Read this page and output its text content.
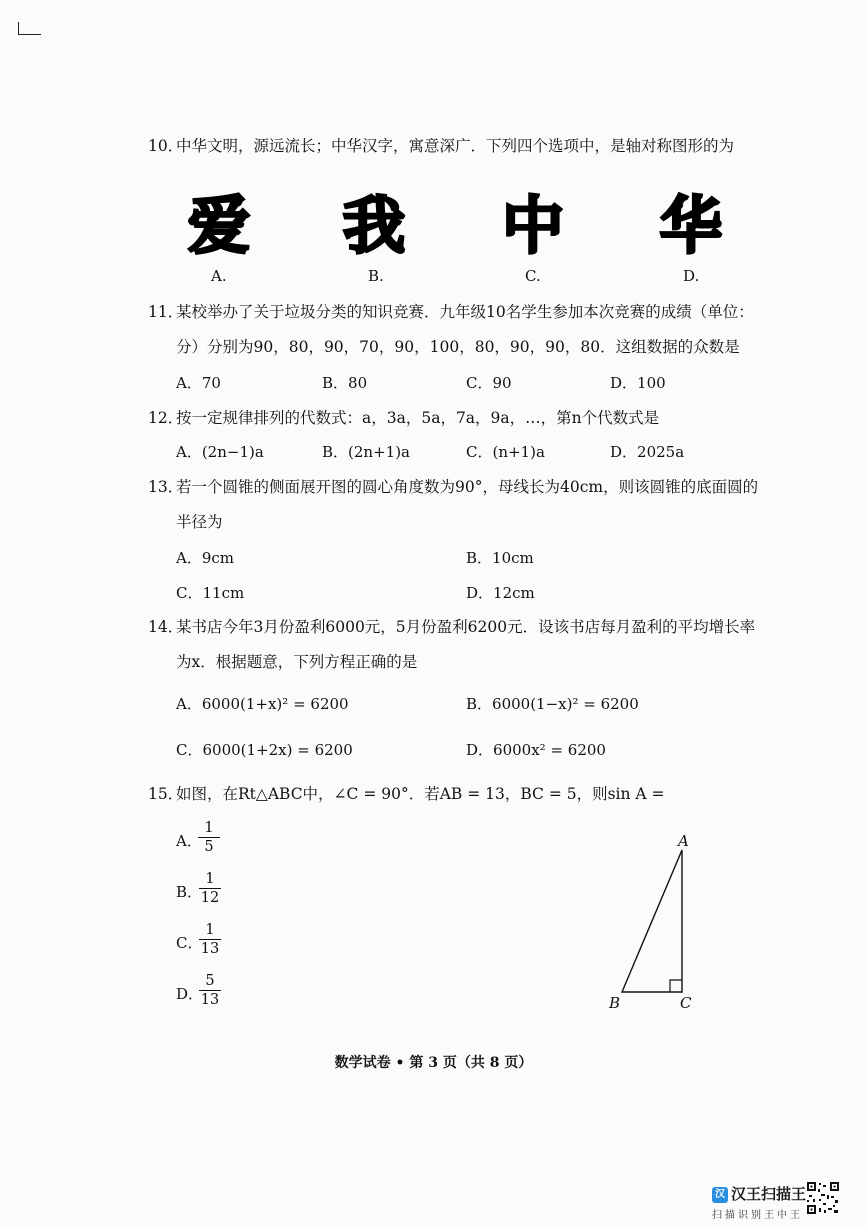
10．中华文明，源远流长；中华汉字，寓意深广．下列四个选项中，是轴对称图形的为
爱 我 中 华
A.	B.	C.	D.
11．某校举办了关于垃圾分类的知识竞赛．九年级10名学生参加本次竞赛的成绩（单位：
分）分别为90，80，90，70，90，100，80，90，90，80．这组数据的众数是
A．70	B．80	C．90	D．100
12．按一定规律排列的代数式：a，3a，5a，7a，9a，…，第n个代数式是
A．(2n−1)a	B．(2n+1)a	C．(n+1)a	D．2025a
13．若一个圆锥的侧面展开图的圆心角度数为90°，母线长为40cm，则该圆锥的底面圆的
半径为
A．9cm	B．10cm
C．11cm	D．12cm
14．某书店今年3月份盈利6000元，5月份盈利6200元．设该书店每月盈利的平均增长率
为x．根据题意，下列方程正确的是
A．6000(1+x)² = 6200	B．6000(1−x)² = 6200
C．6000(1+2x) = 6200	D．6000x² = 6200
15．如图，在Rt△ABC中，∠C = 90°．若AB = 13，BC = 5，则sin A =
A．
$\frac{1}{5}$
B．
$\frac{1}{12}$
C．
$\frac{1}{13}$
D．
$\frac{5}{13}$
A
B	C
数学试卷 • 第 3 页（共 8 页）
汉 汉王扫描王
扫描识别王中王
